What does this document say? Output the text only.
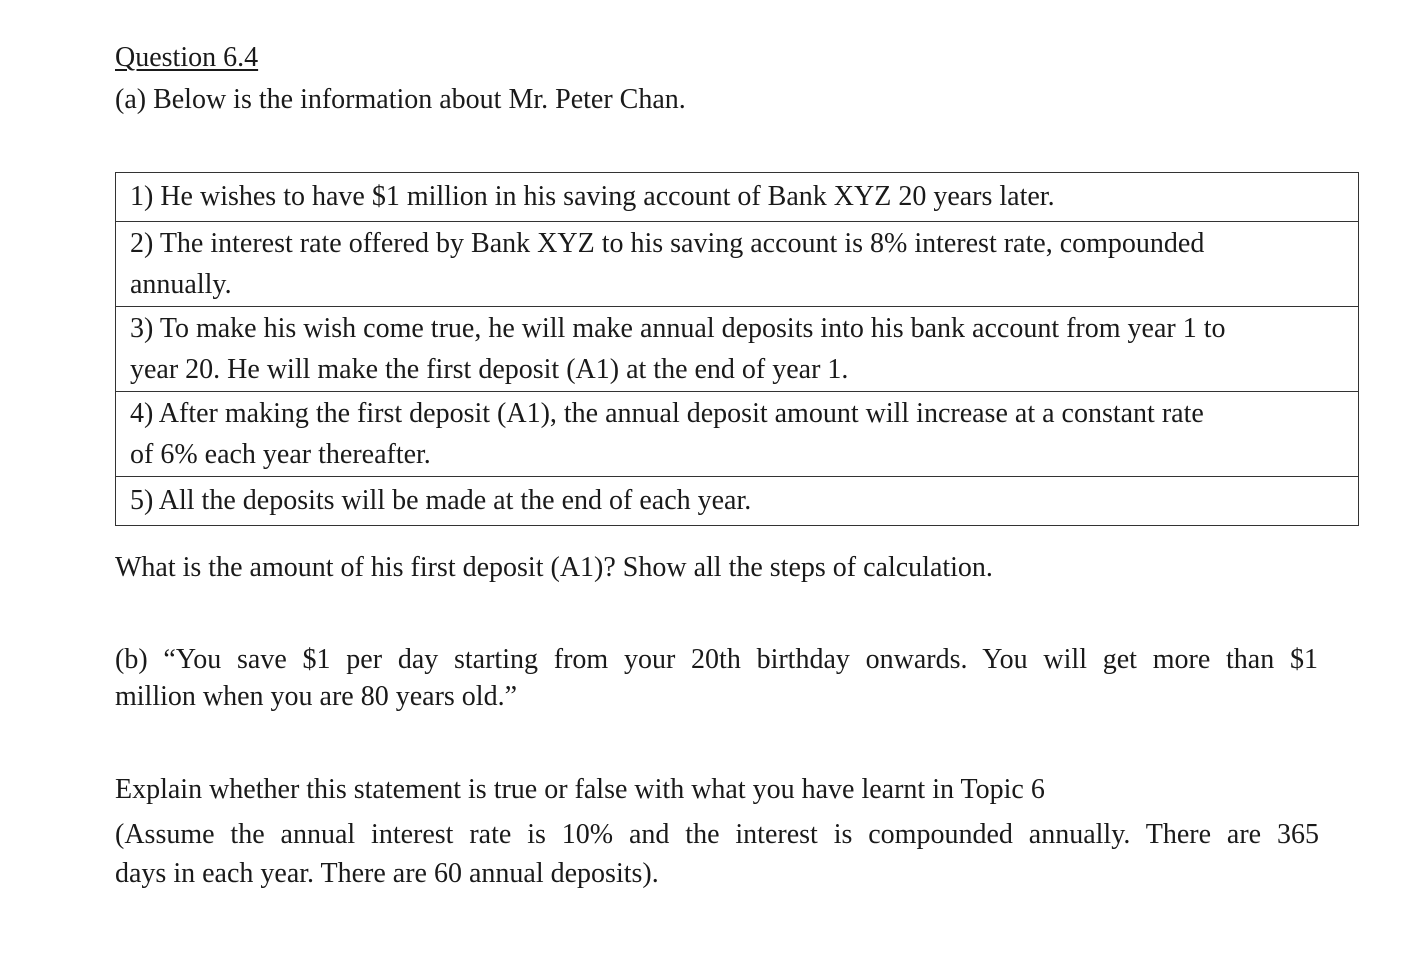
Question 6.4
(a) Below is the information about Mr. Peter Chan.
1) He wishes to have $1 million in his saving account of Bank XYZ 20 years later.
2) The interest rate offered by Bank XYZ to his saving account is 8% interest rate, compounded
annually.
3) To make his wish come true, he will make annual deposits into his bank account from year 1 to
year 20. He will make the first deposit (A1) at the end of year 1.
4) After making the first deposit (A1), the annual deposit amount will increase at a constant rate
of 6% each year thereafter.
5) All the deposits will be made at the end of each year.
What is the amount of his first deposit (A1)? Show all the steps of calculation.
(b) “You save $1 per day starting from your 20th birthday onwards. You will get more than $1
million when you are 80 years old.”
Explain whether this statement is true or false with what you have learnt in Topic 6
(Assume the annual interest rate is 10% and the interest is compounded annually. There are 365
days in each year. There are 60 annual deposits).
